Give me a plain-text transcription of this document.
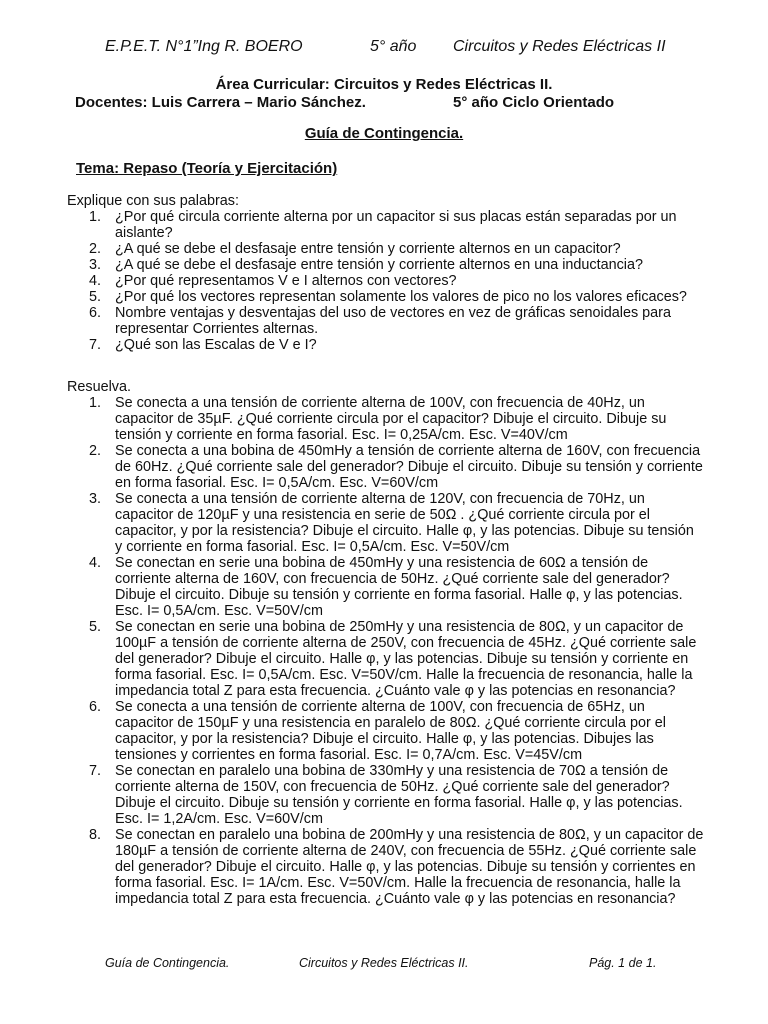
E.P.E.T. N°1”Ing R. BOERO	5° año	Circuitos y Redes Eléctricas II
Área Curricular: Circuitos y Redes Eléctricas II.
Docentes: Luis Carrera – Mario Sánchez.	5° año Ciclo Orientado
Guía de Contingencia.
Tema: Repaso (Teoría y Ejercitación)
Explique con sus palabras:
1. ¿Por qué circula corriente alterna por un capacitor si sus placas están separadas por un
aislante?
2. ¿A qué se debe el desfasaje entre tensión y corriente alternos en un capacitor?
3. ¿A qué se debe el desfasaje entre tensión y corriente alternos en una inductancia?
4. ¿Por qué representamos V e I alternos con vectores?
5. ¿Por qué los vectores representan solamente los valores de pico no los valores eficaces?
6. Nombre ventajas y desventajas del uso de vectores en vez de gráficas senoidales para
representar Corrientes alternas.
7. ¿Qué son las Escalas de V e I?
Resuelva.
1. Se conecta a una tensión de corriente alterna de 100V, con frecuencia de 40Hz, un
capacitor de 35µF. ¿Qué corriente circula por el capacitor? Dibuje el circuito. Dibuje su
tensión y corriente en forma fasorial. Esc. I= 0,25A/cm. Esc. V=40V/cm
2. Se conecta a una bobina de 450mHy a tensión de corriente alterna de 160V, con frecuencia
de 60Hz. ¿Qué corriente sale del generador? Dibuje el circuito. Dibuje su tensión y corriente
en forma fasorial. Esc. I= 0,5A/cm. Esc. V=60V/cm
3. Se conecta a una tensión de corriente alterna de 120V, con frecuencia de 70Hz, un
capacitor de 120µF y una resistencia en serie de 50Ω . ¿Qué corriente circula por el
capacitor, y por la resistencia? Dibuje el circuito. Halle φ, y las potencias. Dibuje su tensión
y corriente en forma fasorial. Esc. I= 0,5A/cm. Esc. V=50V/cm
4. Se conectan en serie una bobina de 450mHy y una resistencia de 60Ω a tensión de
corriente alterna de 160V, con frecuencia de 50Hz. ¿Qué corriente sale del generador?
Dibuje el circuito. Dibuje su tensión y corriente en forma fasorial. Halle φ, y las potencias.
Esc. I= 0,5A/cm. Esc. V=50V/cm
5. Se conectan en serie una bobina de 250mHy y una resistencia de 80Ω, y un capacitor de
100µF a tensión de corriente alterna de 250V, con frecuencia de 45Hz. ¿Qué corriente sale
del generador? Dibuje el circuito. Halle φ, y las potencias. Dibuje su tensión y corriente en
forma fasorial. Esc. I= 0,5A/cm. Esc. V=50V/cm. Halle la frecuencia de resonancia, halle la
impedancia total Z para esta frecuencia. ¿Cuánto vale φ y las potencias en resonancia?
6. Se conecta a una tensión de corriente alterna de 100V, con frecuencia de 65Hz, un
capacitor de 150µF y una resistencia en paralelo de 80Ω. ¿Qué corriente circula por el
capacitor, y por la resistencia? Dibuje el circuito. Halle φ, y las potencias. Dibujes las
tensiones y corrientes en forma fasorial. Esc. I= 0,7A/cm. Esc. V=45V/cm
7. Se conectan en paralelo una bobina de 330mHy y una resistencia de 70Ω a tensión de
corriente alterna de 150V, con frecuencia de 50Hz. ¿Qué corriente sale del generador?
Dibuje el circuito. Dibuje su tensión y corriente en forma fasorial. Halle φ, y las potencias.
Esc. I= 1,2A/cm. Esc. V=60V/cm
8. Se conectan en paralelo una bobina de 200mHy y una resistencia de 80Ω, y un capacitor de
180µF a tensión de corriente alterna de 240V, con frecuencia de 55Hz. ¿Qué corriente sale
del generador? Dibuje el circuito. Halle φ, y las potencias. Dibuje su tensión y corrientes en
forma fasorial. Esc. I= 1A/cm. Esc. V=50V/cm. Halle la frecuencia de resonancia, halle la
impedancia total Z para esta frecuencia. ¿Cuánto vale φ y las potencias en resonancia?
Guía de Contingencia.	Circuitos y Redes Eléctricas II.	Pág. 1 de 1.
